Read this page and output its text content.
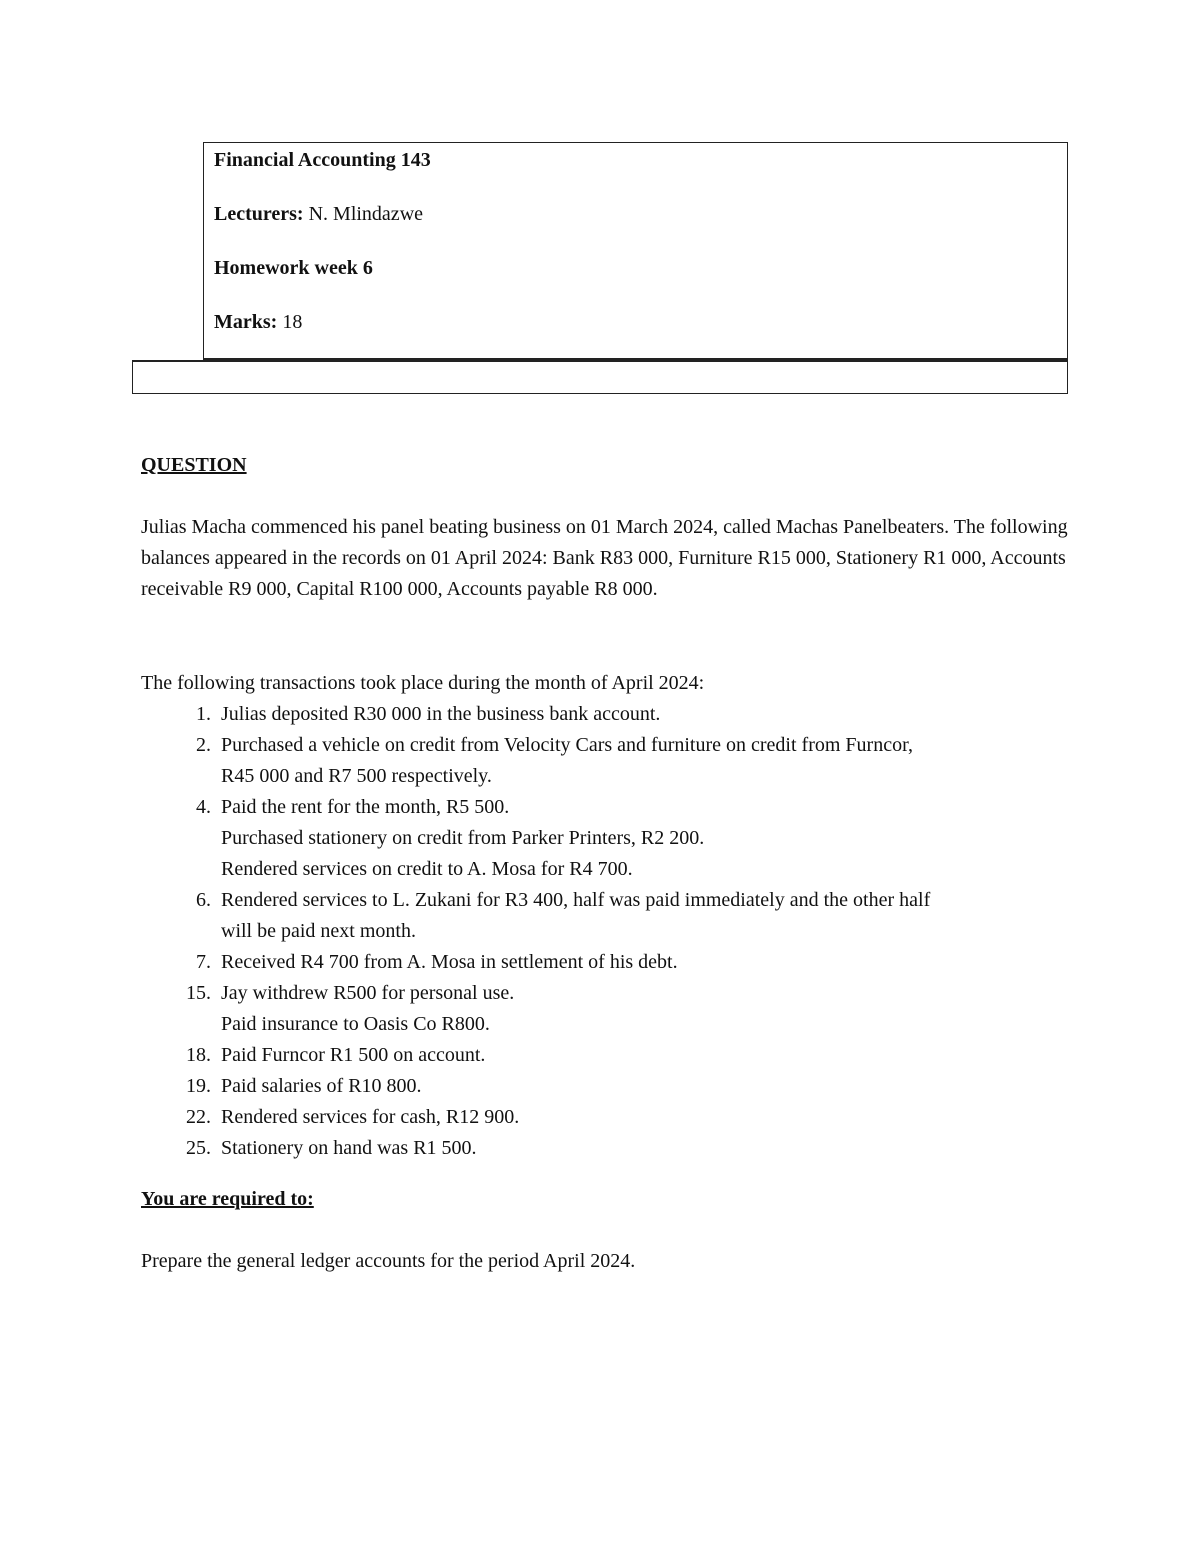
Financial Accounting 143

Lecturers: N. Mlindazwe

Homework week 6

Marks: 18

QUESTION

Julias Macha commenced his panel beating business on 01 March 2024, called Machas Panelbeaters. The following balances appeared in the records on 01 April 2024: Bank R83 000, Furniture R15 000, Stationery R1 000, Accounts receivable R9 000, Capital R100 000, Accounts payable R8 000.

The following transactions took place during the month of April 2024:

1. Julias deposited R30 000 in the business bank account.
2. Purchased a vehicle on credit from Velocity Cars and furniture on credit from Furncor,
R45 000 and R7 500 respectively.
4. Paid the rent for the month, R5 500.
Purchased stationery on credit from Parker Printers, R2 200.
Rendered services on credit to A. Mosa for R4 700.
6. Rendered services to L. Zukani for R3 400, half was paid immediately and the other half
will be paid next month.
7. Received R4 700 from A. Mosa in settlement of his debt.
15. Jay withdrew R500 for personal use.
Paid insurance to Oasis Co R800.
18. Paid Furncor R1 500 on account.
19. Paid salaries of R10 800.
22. Rendered services for cash, R12 900.
25. Stationery on hand was R1 500.

You are required to:

Prepare the general ledger accounts for the period April 2024.
